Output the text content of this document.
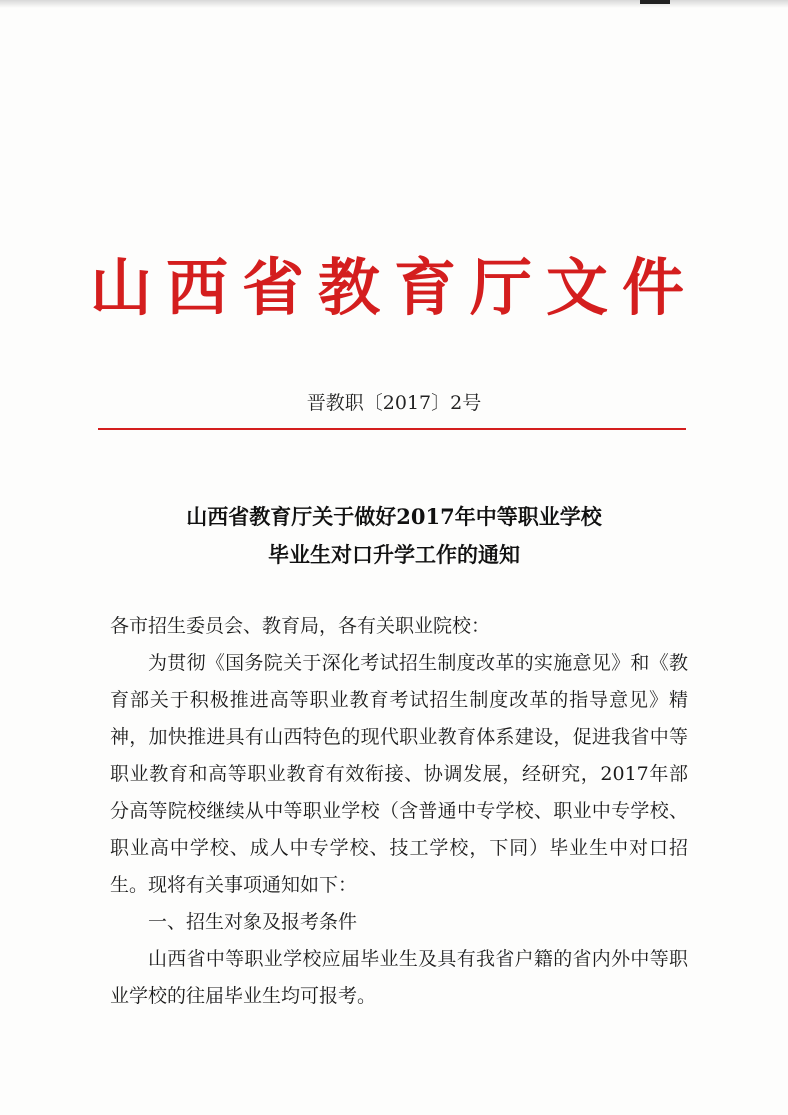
山西省教育厅文件
晋教职〔2017〕2号
山西省教育厅关于做好2017年中等职业学校
毕业生对口升学工作的通知

各市招生委员会、教育局，各有关职业院校：

为贯彻《国务院关于深化考试招生制度改革的实施意见》和《教育部关于积极推进高等职业教育考试招生制度改革的指导意见》精神，加快推进具有山西特色的现代职业教育体系建设，促进我省中等职业教育和高等职业教育有效衔接、协调发展，经研究，2017年部分高等院校继续从中等职业学校（含普通中专学校、职业中专学校、职业高中学校、成人中专学校、技工学校，下同）毕业生中对口招生。现将有关事项通知如下：

一、招生对象及报考条件

山西省中等职业学校应届毕业生及具有我省户籍的省内外中等职业学校的往届毕业生均可报考。
